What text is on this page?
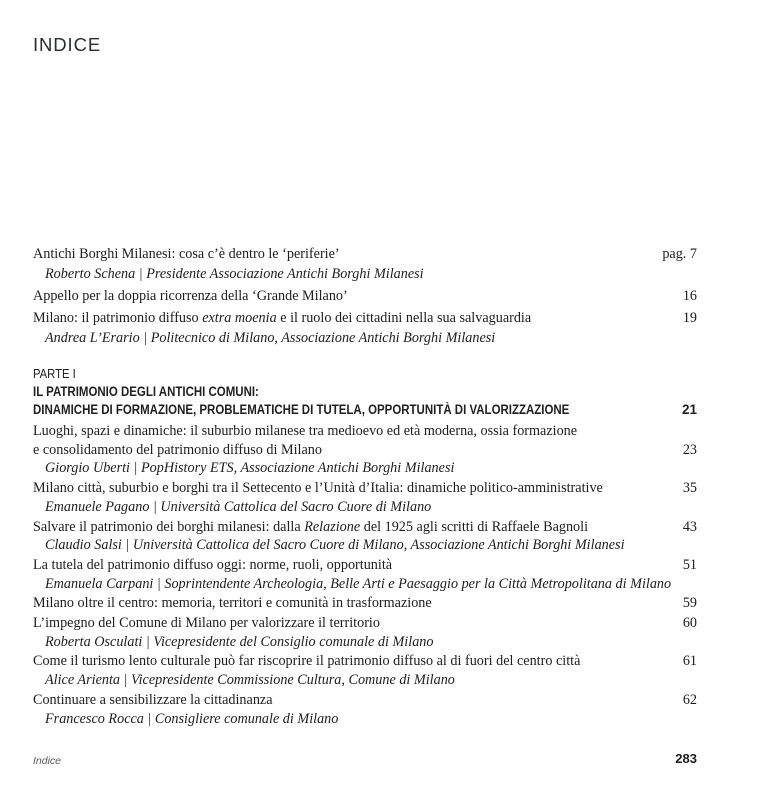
INDICE
Antichi Borghi Milanesi: cosa c’è dentro le ‘periferie’	pag. 7
Roberto Schena | Presidente Associazione Antichi Borghi Milanesi
Appello per la doppia ricorrenza della ‘Grande Milano’	16
Milano: il patrimonio diffuso extra moenia e il ruolo dei cittadini nella sua salvaguardia	19
Andrea L’Erario | Politecnico di Milano, Associazione Antichi Borghi Milanesi
PARTE I
IL PATRIMONIO DEGLI ANTICHI COMUNI:
DINAMICHE DI FORMAZIONE, PROBLEMATICHE DI TUTELA, OPPORTUNITÀ DI VALORIZZAZIONE	21
Luoghi, spazi e dinamiche: il suburbio milanese tra medioevo ed età moderna, ossia formazione
e consolidamento del patrimonio diffuso di Milano	23
Giorgio Uberti | PopHistory ETS, Associazione Antichi Borghi Milanesi
Milano città, suburbio e borghi tra il Settecento e l’Unità d’Italia: dinamiche politico-amministrative	35
Emanuele Pagano | Università Cattolica del Sacro Cuore di Milano
Salvare il patrimonio dei borghi milanesi: dalla Relazione del 1925 agli scritti di Raffaele Bagnoli	43
Claudio Salsi | Università Cattolica del Sacro Cuore di Milano, Associazione Antichi Borghi Milanesi
La tutela del patrimonio diffuso oggi: norme, ruoli, opportunità	51
Emanuela Carpani | Soprintendente Archeologia, Belle Arti e Paesaggio per la Città Metropolitana di Milano
Milano oltre il centro: memoria, territori e comunità in trasformazione	59
L’impegno del Comune di Milano per valorizzare il territorio	60
Roberta Osculati | Vicepresidente del Consiglio comunale di Milano
Come il turismo lento culturale può far riscoprire il patrimonio diffuso al di fuori del centro città	61
Alice Arienta | Vicepresidente Commissione Cultura, Comune di Milano
Continuare a sensibilizzare la cittadinanza	62
Francesco Rocca | Consigliere comunale di Milano
Indice	283
